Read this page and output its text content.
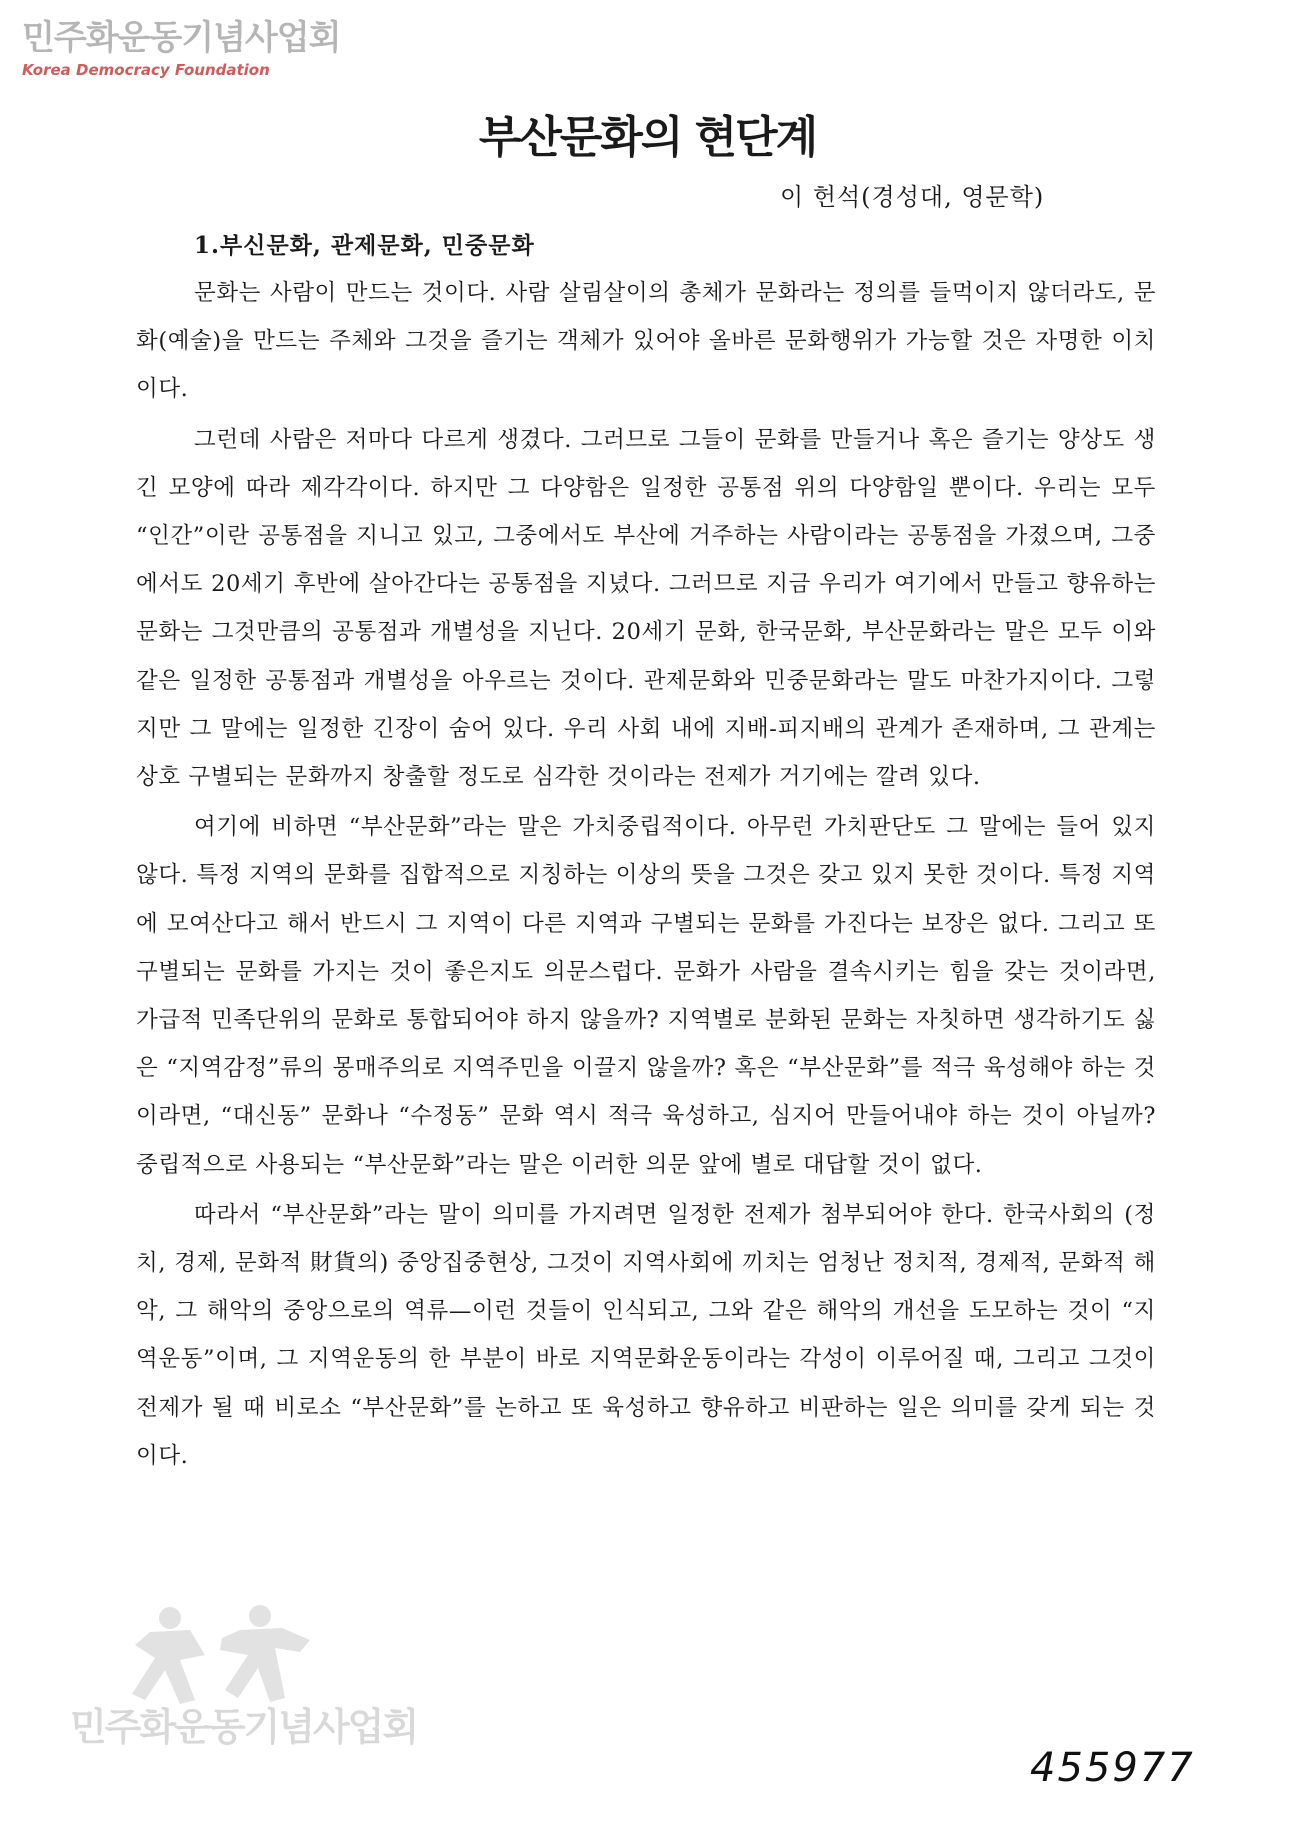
민주화운동기념사업회
Korea Democracy Foundation
부산문화의 현단계
이 헌석(경성대, 영문학)
1.부신문화, 관제문화, 민중문화

문화는 사람이 만드는 것이다. 사람 살림살이의 총체가 문화라는 정의를 들먹이지 않더라도, 문화(예술)을 만드는 주체와 그것을 즐기는 객체가 있어야 올바른 문화행위가 가능할 것은 자명한 이치이다.

그런데 사람은 저마다 다르게 생겼다. 그러므로 그들이 문화를 만들거나 혹은 즐기는 양상도 생긴 모양에 따라 제각각이다. 하지만 그 다양함은 일정한 공통점 위의 다양함일 뿐이다. 우리는 모두 “인간”이란 공통점을 지니고 있고, 그중에서도 부산에 거주하는 사람이라는 공통점을 가졌으며, 그중에서도 20세기 후반에 살아간다는 공통점을 지녔다. 그러므로 지금 우리가 여기에서 만들고 향유하는 문화는 그것만큼의 공통점과 개별성을 지닌다. 20세기 문화, 한국문화, 부산문화라는 말은 모두 이와 같은 일정한 공통점과 개별성을 아우르는 것이다. 관제문화와 민중문화라는 말도 마찬가지이다. 그렇지만 그 말에는 일정한 긴장이 숨어 있다. 우리 사회 내에 지배-피지배의 관계가 존재하며, 그 관계는 상호 구별되는 문화까지 창출할 정도로 심각한 것이라는 전제가 거기에는 깔려 있다.

여기에 비하면 “부산문화”라는 말은 가치중립적이다. 아무런 가치판단도 그 말에는 들어 있지 않다. 특정 지역의 문화를 집합적으로 지칭하는 이상의 뜻을 그것은 갖고 있지 못한 것이다. 특정 지역에 모여산다고 해서 반드시 그 지역이 다른 지역과 구별되는 문화를 가진다는 보장은 없다. 그리고 또 구별되는 문화를 가지는 것이 좋은지도 의문스럽다. 문화가 사람을 결속시키는 힘을 갖는 것이라면, 가급적 민족단위의 문화로 통합되어야 하지 않을까? 지역별로 분화된 문화는 자칫하면 생각하기도 싫은 “지역감정”류의 몽매주의로 지역주민을 이끌지 않을까? 혹은 “부산문화”를 적극 육성해야 하는 것이라면, “대신동” 문화나 “수정동” 문화 역시 적극 육성하고, 심지어 만들어내야 하는 것이 아닐까? 중립적으로 사용되는 “부산문화”라는 말은 이러한 의문 앞에 별로 대답할 것이 없다.

따라서 “부산문화”라는 말이 의미를 가지려면 일정한 전제가 첨부되어야 한다. 한국사회의 (정치, 경제, 문화적 財貨의) 중앙집중현상, 그것이 지역사회에 끼치는 엄청난 정치적, 경제적, 문화적 해악, 그 해악의 중앙으로의 역류—이런 것들이 인식되고, 그와 같은 해악의 개선을 도모하는 것이 “지역운동”이며, 그 지역운동의 한 부분이 바로 지역문화운동이라는 각성이 이루어질 때, 그리고 그것이 전제가 될 때 비로소 “부산문화”를 논하고 또 육성하고 향유하고 비판하는 일은 의미를 갖게 되는 것이다.

민주화운동기념사업회
455977
